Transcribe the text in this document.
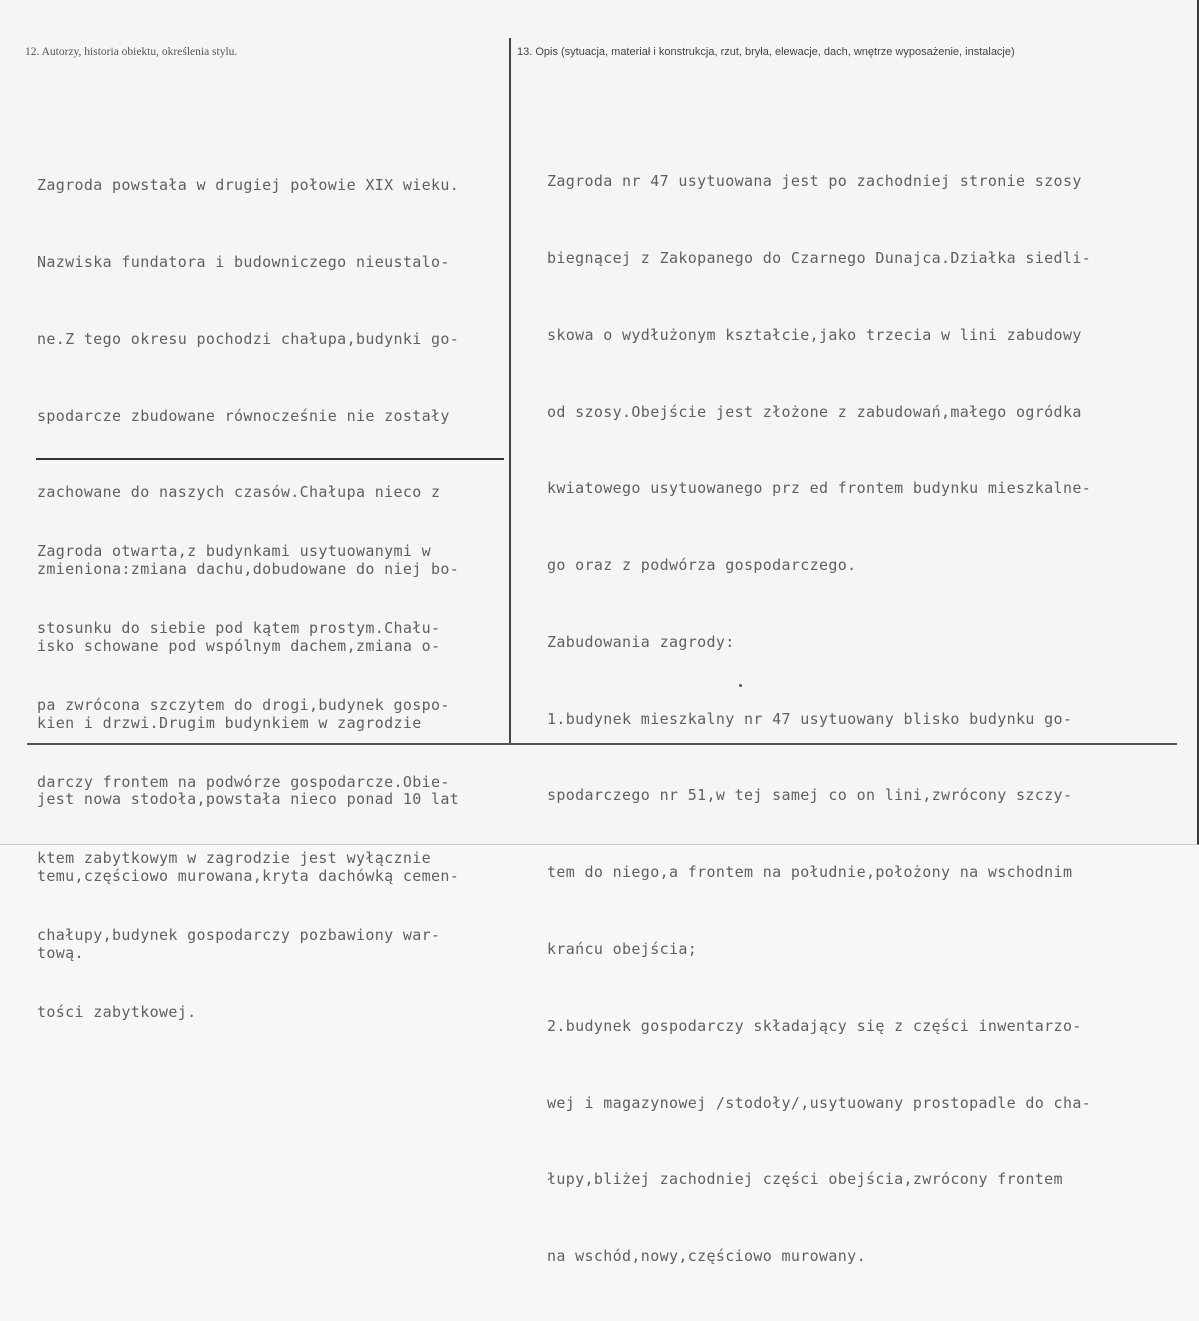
12. Autorzy, historia obiektu, określenia stylu.	13. Opis (sytuacja, materiał i konstrukcja, rzut, bryła, elewacje, dach, wnętrze wyposażenie, instalacje)

Zagroda powstała w drugiej połowie XIX wieku.

Nazwiska fundatora i budowniczego nieustalo-

ne.Z tego okresu pochodzi chałupa,budynki go-

spodarcze zbudowane równocześnie nie zostały

zachowane do naszych czasów.Chałupa nieco z

zmieniona:zmiana dachu,dobudowane do niej bo-

isko schowane pod wspólnym dachem,zmiana o-

kien i drzwi.Drugim budynkiem w zagrodzie

jest nowa stodoła,powstała nieco ponad 10 lat

temu,częściowo murowana,kryta dachówką cemen-

tową.

Zagroda otwarta,z budynkami usytuowanymi w

stosunku do siebie pod kątem prostym.Chału-

pa zwrócona szczytem do drogi,budynek gospo-

darczy frontem na podwórze gospodarcze.Obie-

ktem zabytkowym w zagrodzie jest wyłącznie

chałupy,budynek gospodarczy pozbawiony war-

tości zabytkowej.

Zagroda nr 47 usytuowana jest po zachodniej stronie szosy

biegnącej z Zakopanego do Czarnego Dunajca.Działka siedli-

skowa o wydłużonym kształcie,jako trzecia w lini zabudowy

od szosy.Obejście jest złożone z zabudowań,małego ogródka

kwiatowego usytuowanego prz ed frontem budynku mieszkalne-

go oraz z podwórza gospodarczego.

Zabudowania zagrody:

1.budynek mieszkalny nr 47 usytuowany blisko budynku go-

spodarczego nr 51,w tej samej co on lini,zwrócony szczy-

tem do niego,a frontem na południe,położony na wschodnim

krańcu obejścia;

2.budynek gospodarczy składający się z części inwentarzo-

wej i magazynowej /stodoły/,usytuowany prostopadle do cha-

łupy,bliżej zachodniej części obejścia,zwrócony frontem

na wschód,nowy,częściowo murowany.
